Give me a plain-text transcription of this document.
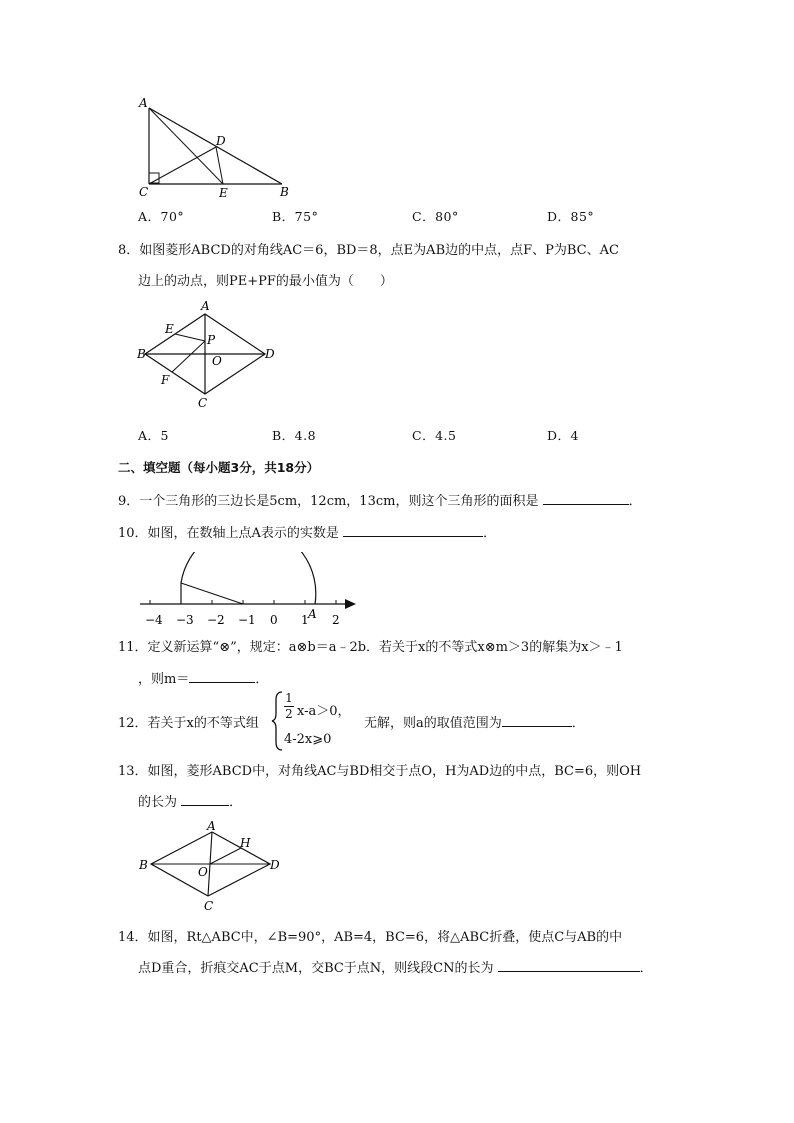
A
D
C	E	B
A．70°	B．75°	C．80°	D．85°
8．如图菱形ABCD的对角线AC＝6，BD＝8，点E为AB边的中点，点F、P为BC、AC
边上的动点，则PE+PF的最小值为（　　）
A
E
P
B	O	D
F
C
A．5	B．4.8	C．4.5	D．4
二、填空题（每小题3分，共18分）
9．一个三角形的三边长是5cm，12cm，13cm，则这个三角形的面积是	．
10．如图，在数轴上点A表示的实数是	．
−4 −3 −2 −1 0 1 2
A
11．定义新运算“⊗”，规定：a⊗b＝a﹣2b．若关于x的不等式x⊗m＞3的解集为x＞﹣1
，则m＝	．
12．若关于x的不等式组
1
2 x-a＞0，
4-2x⩾0
无解，则a的取值范围为	．
13．如图，菱形ABCD中，对角线AC与BD相交于点O，H为AD边的中点，BC=6，则OH
的长为	．
A
H
B	D
O
C
14．如图，Rt△ABC中，∠B=90°，AB=4，BC=6，将△ABC折叠，使点C与AB的中
点D重合，折痕交AC于点M，交BC于点N，则线段CN的长为	．
